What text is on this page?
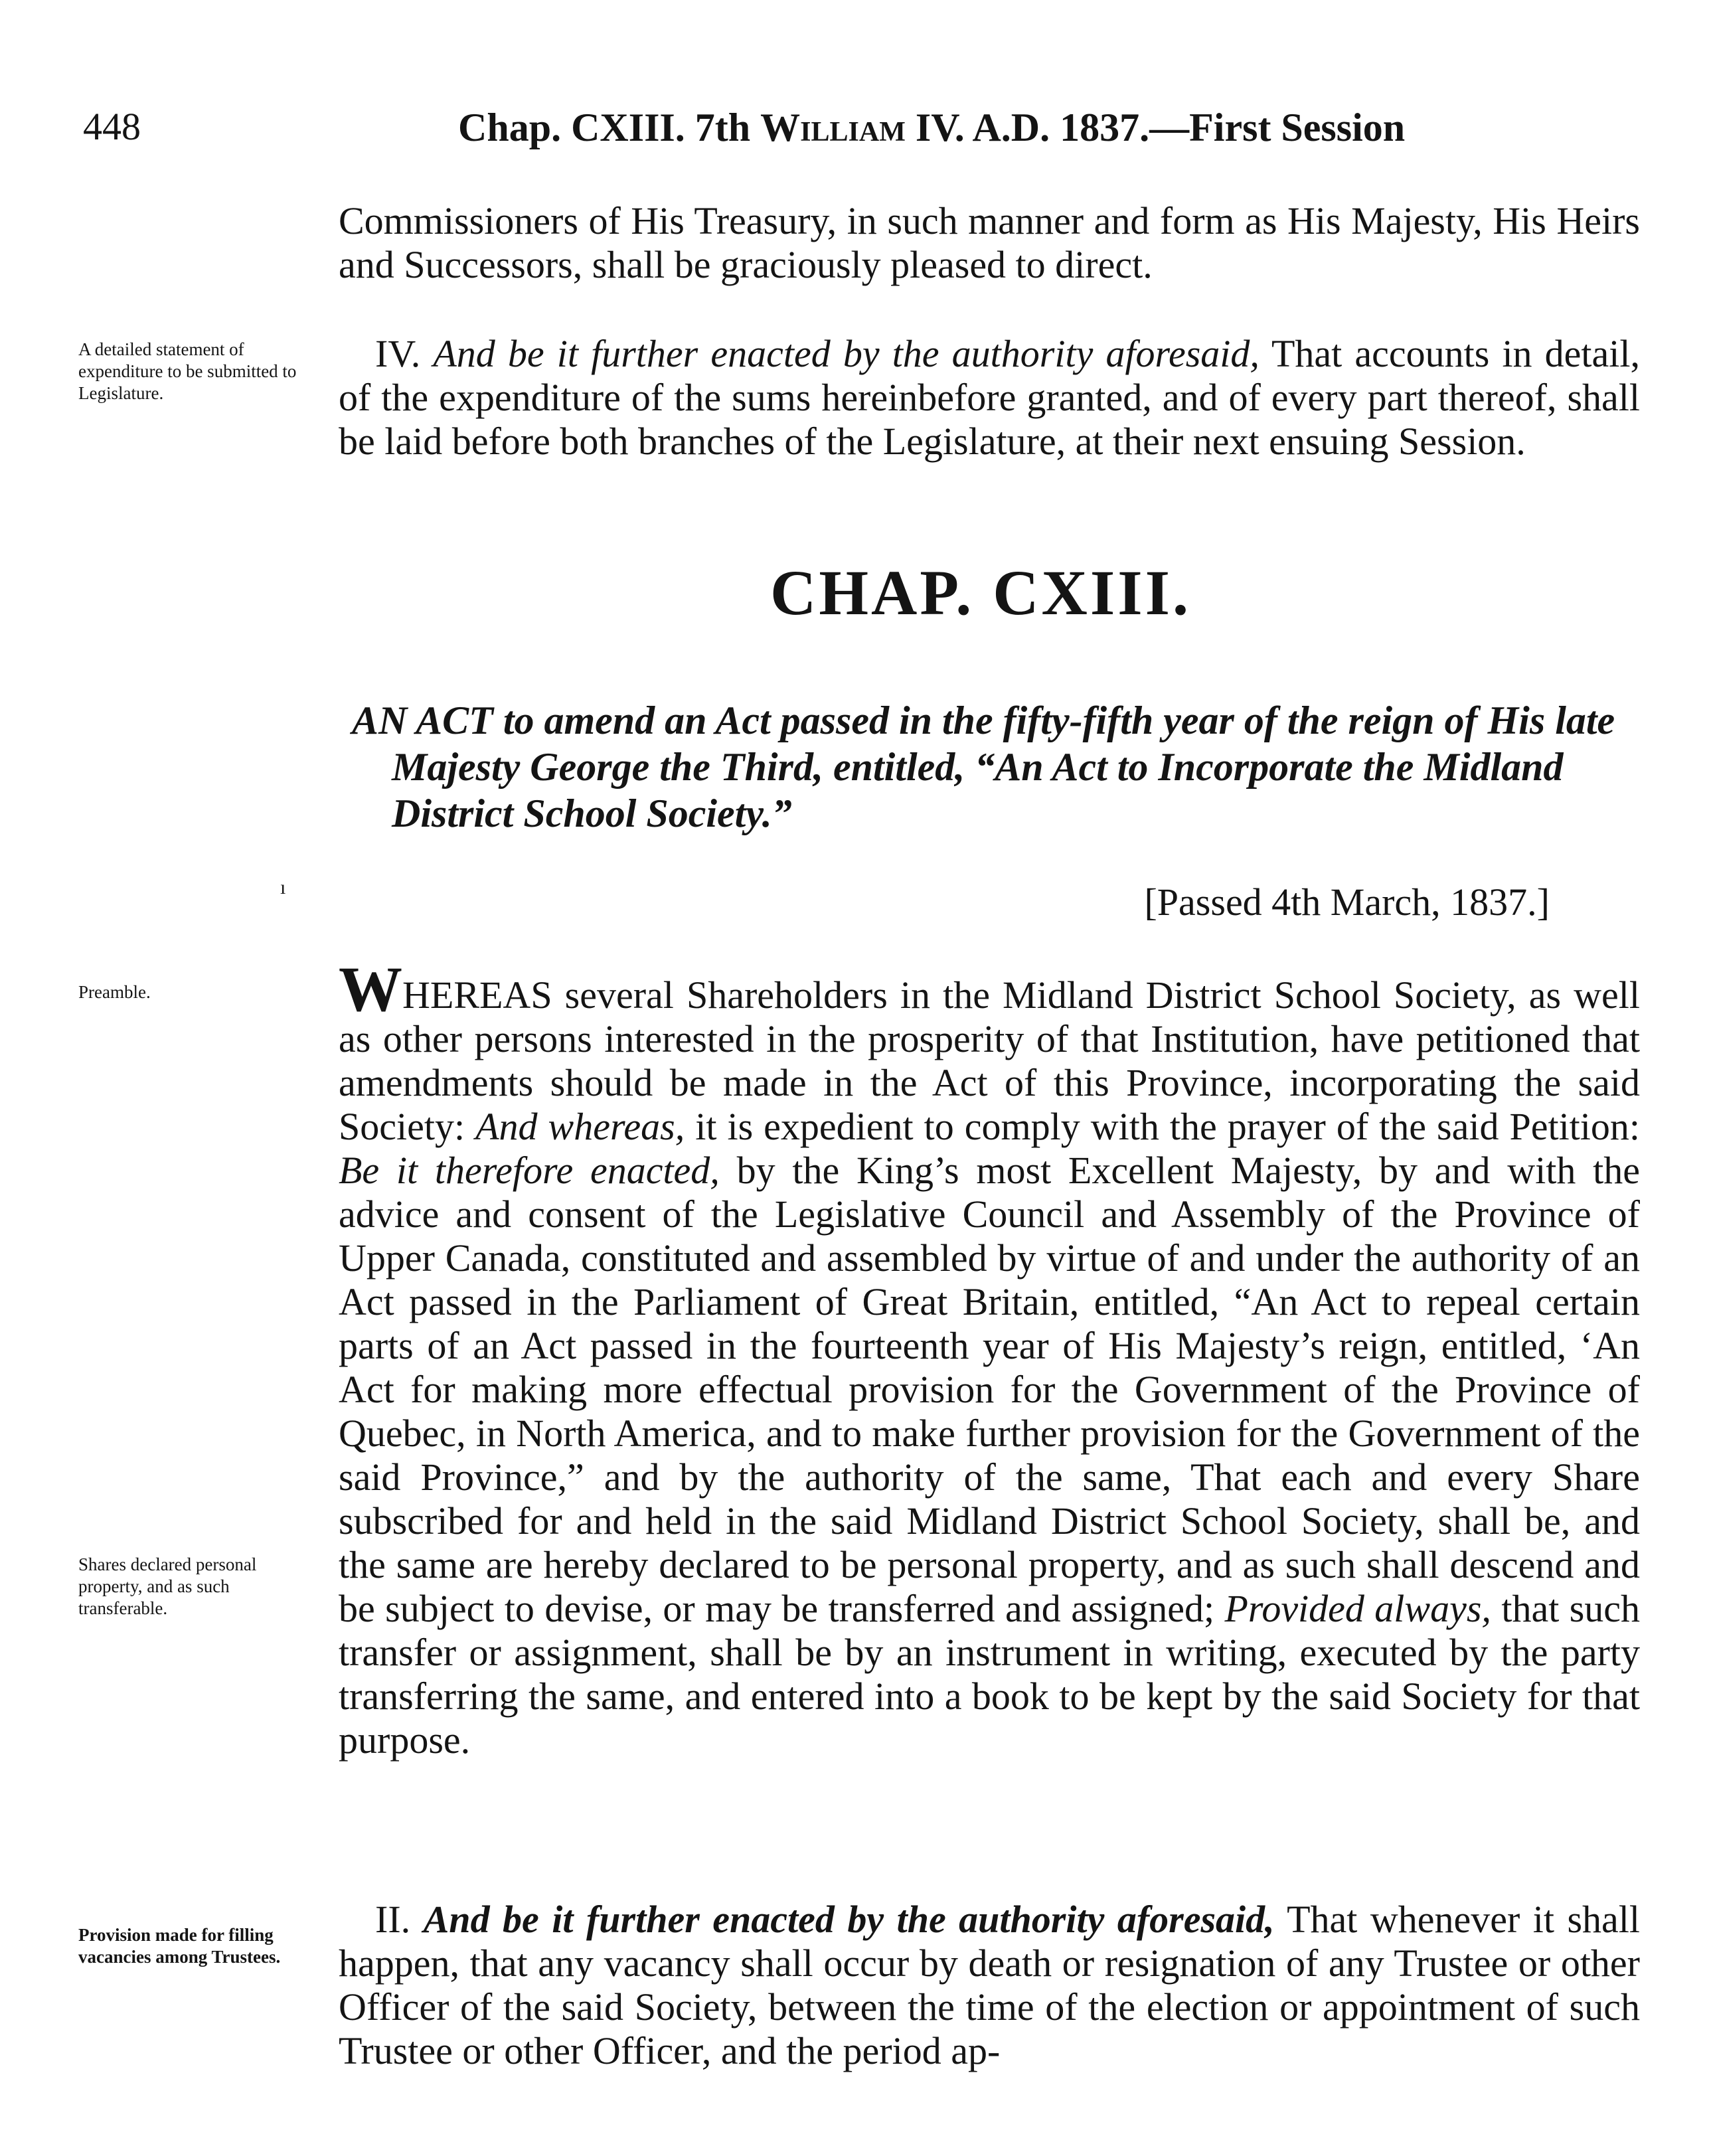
448	Chap. CXIII. 7th William IV. A.D. 1837.—First Session

Commissioners of His Treasury, in such manner and form as His Majesty, His Heirs and Successors, shall be graciously pleased to direct.

A detailed statement of expenditure to be submitted to Legislature.

IV. And be it further enacted by the authority aforesaid, That accounts in detail, of the expenditure of the sums hereinbefore granted, and of every part thereof, shall be laid before both branches of the Legislature, at their next ensuing Session.

CHAP. CXIII.
AN ACT to amend an Act passed in the fifty-fifth year of the reign of His late Majesty George the Third, entitled, “An Act to Incorporate the Midland District School Society.”
ı	[Passed 4th March, 1837.]
Preamble.
Shares declared personal property, and as such transferable.

WHEREAS several Shareholders in the Midland District School Society, as well as other persons interested in the prosperity of that Institution, have petitioned that amendments should be made in the Act of this Province, incorporating the said Society: And whereas, it is expedient to comply with the prayer of the said Petition: Be it therefore enacted, by the King’s most Excellent Majesty, by and with the advice and consent of the Legislative Council and Assembly of the Province of Upper Canada, constituted and assembled by virtue of and under the authority of an Act passed in the Parliament of Great Britain, entitled, “An Act to repeal certain parts of an Act passed in the fourteenth year of His Majesty’s reign, entitled, ‘An Act for making more effectual provision for the Government of the Province of Quebec, in North America, and to make further provision for the Government of the said Province,” and by the authority of the same, That each and every Share subscribed for and held in the said Midland District School Society, shall be, and the same are hereby declared to be personal property, and as such shall descend and be subject to devise, or may be transferred and assigned; Provided always, that such transfer or assignment, shall be by an instrument in writing, executed by the party transferring the same, and entered into a book to be kept by the said Society for that purpose.

Provision made for filling vacancies among Trustees.

II. And be it further enacted by the authority aforesaid, That whenever it shall happen, that any vacancy shall occur by death or resignation of any Trustee or other Officer of the said Society, between the time of the election or appointment of such Trustee or other Officer, and the period ap-
